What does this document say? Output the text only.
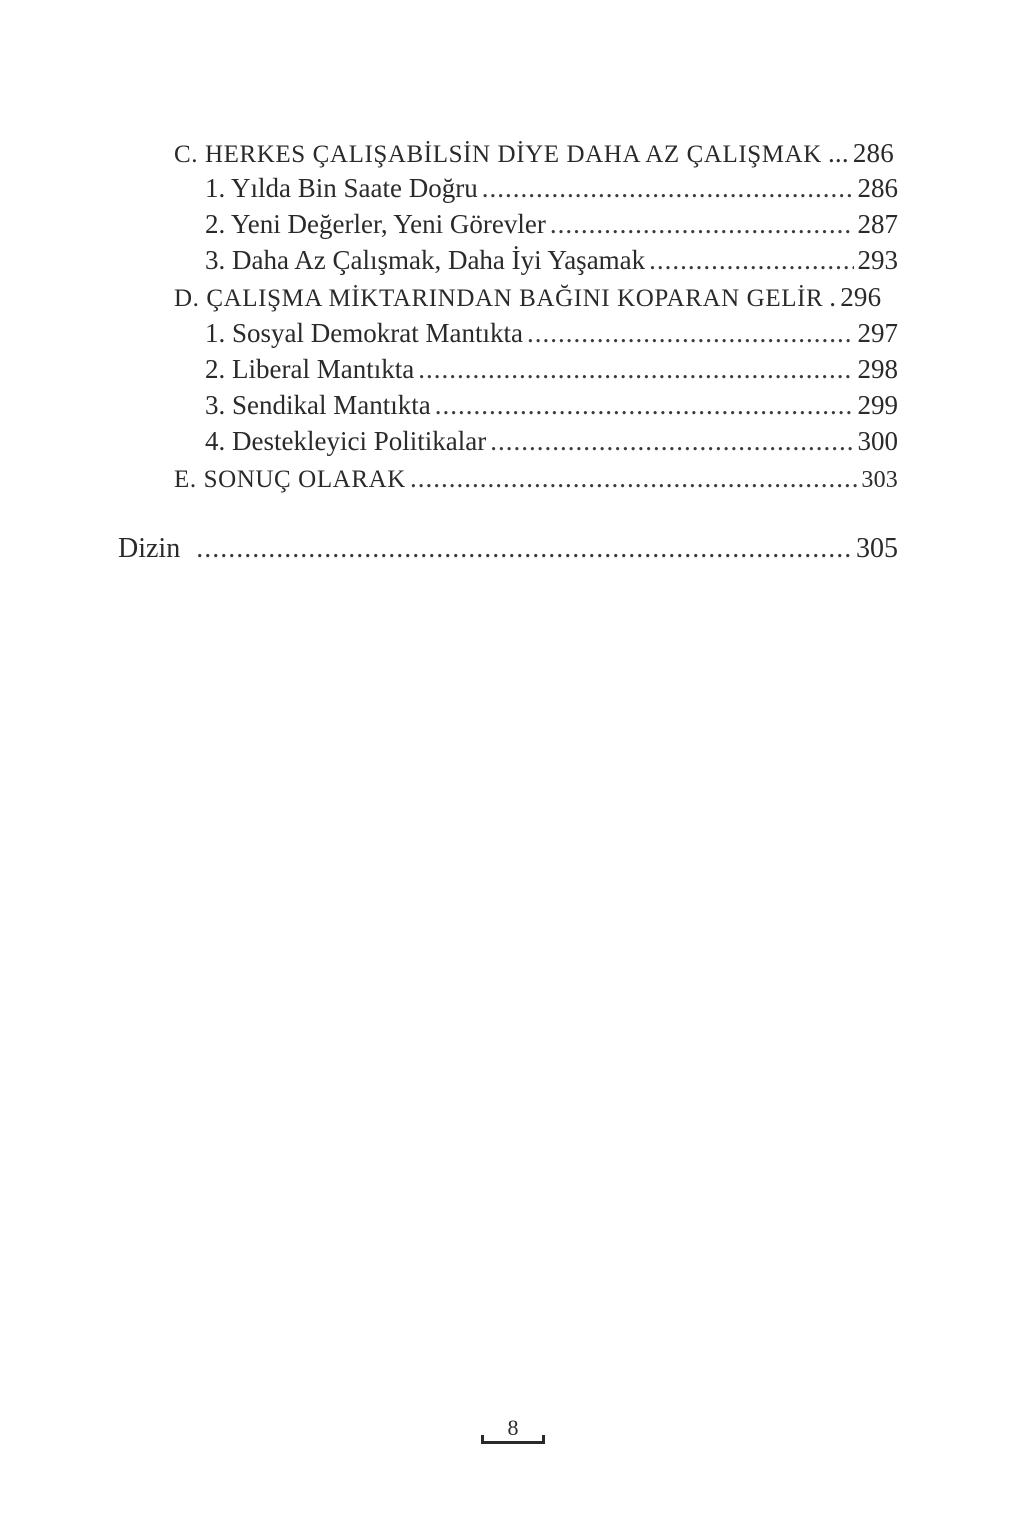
C. HERKES ÇALIŞABİLSİN DİYE DAHA AZ ÇALIŞMAK ... 286
1. Yılda Bin Saate Doğru .....	286
2. Yeni Değerler, Yeni Görevler .....	287
3. Daha Az Çalışmak, Daha İyi Yaşamak .....	293
D. ÇALIŞMA MİKTARINDAN BAĞINI KOPARAN GELİR . 296
1. Sosyal Demokrat Mantıkta .....	297
2. Liberal Mantıkta .....	298
3. Sendikal Mantıkta .....	299
4. Destekleyici Politikalar .....	300
E. SONUÇ OLARAK .....	303
Dizin .....	305
8
